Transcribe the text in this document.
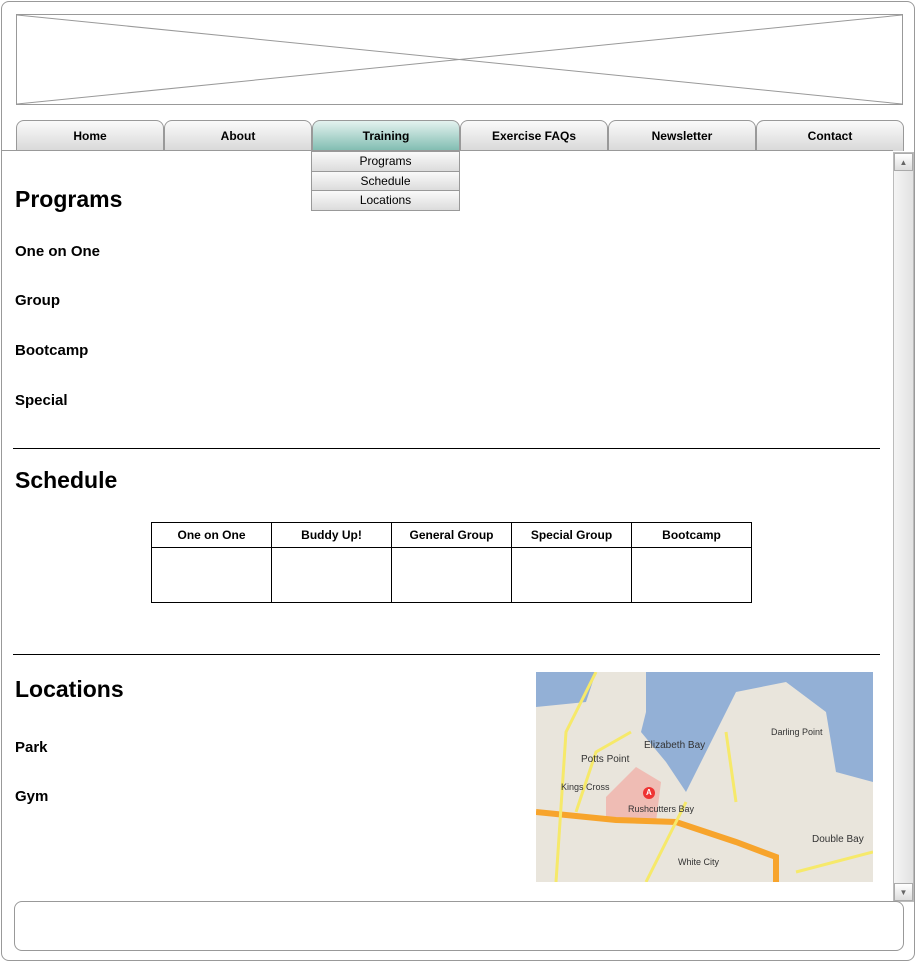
Home	About	Training	Exercise FAQs	Newsletter	Contact
Programs
Schedule
Locations
▲
▼
Programs
One on One
Group
Bootcamp
Special
Schedule
One on One	Buddy Up!	General Group	Special Group	Bootcamp

Locations
Park
Gym
Potts Point
Elizabeth Bay
Darling Point
Kings Cross
Rushcutters Bay
Double Bay
White City
A
